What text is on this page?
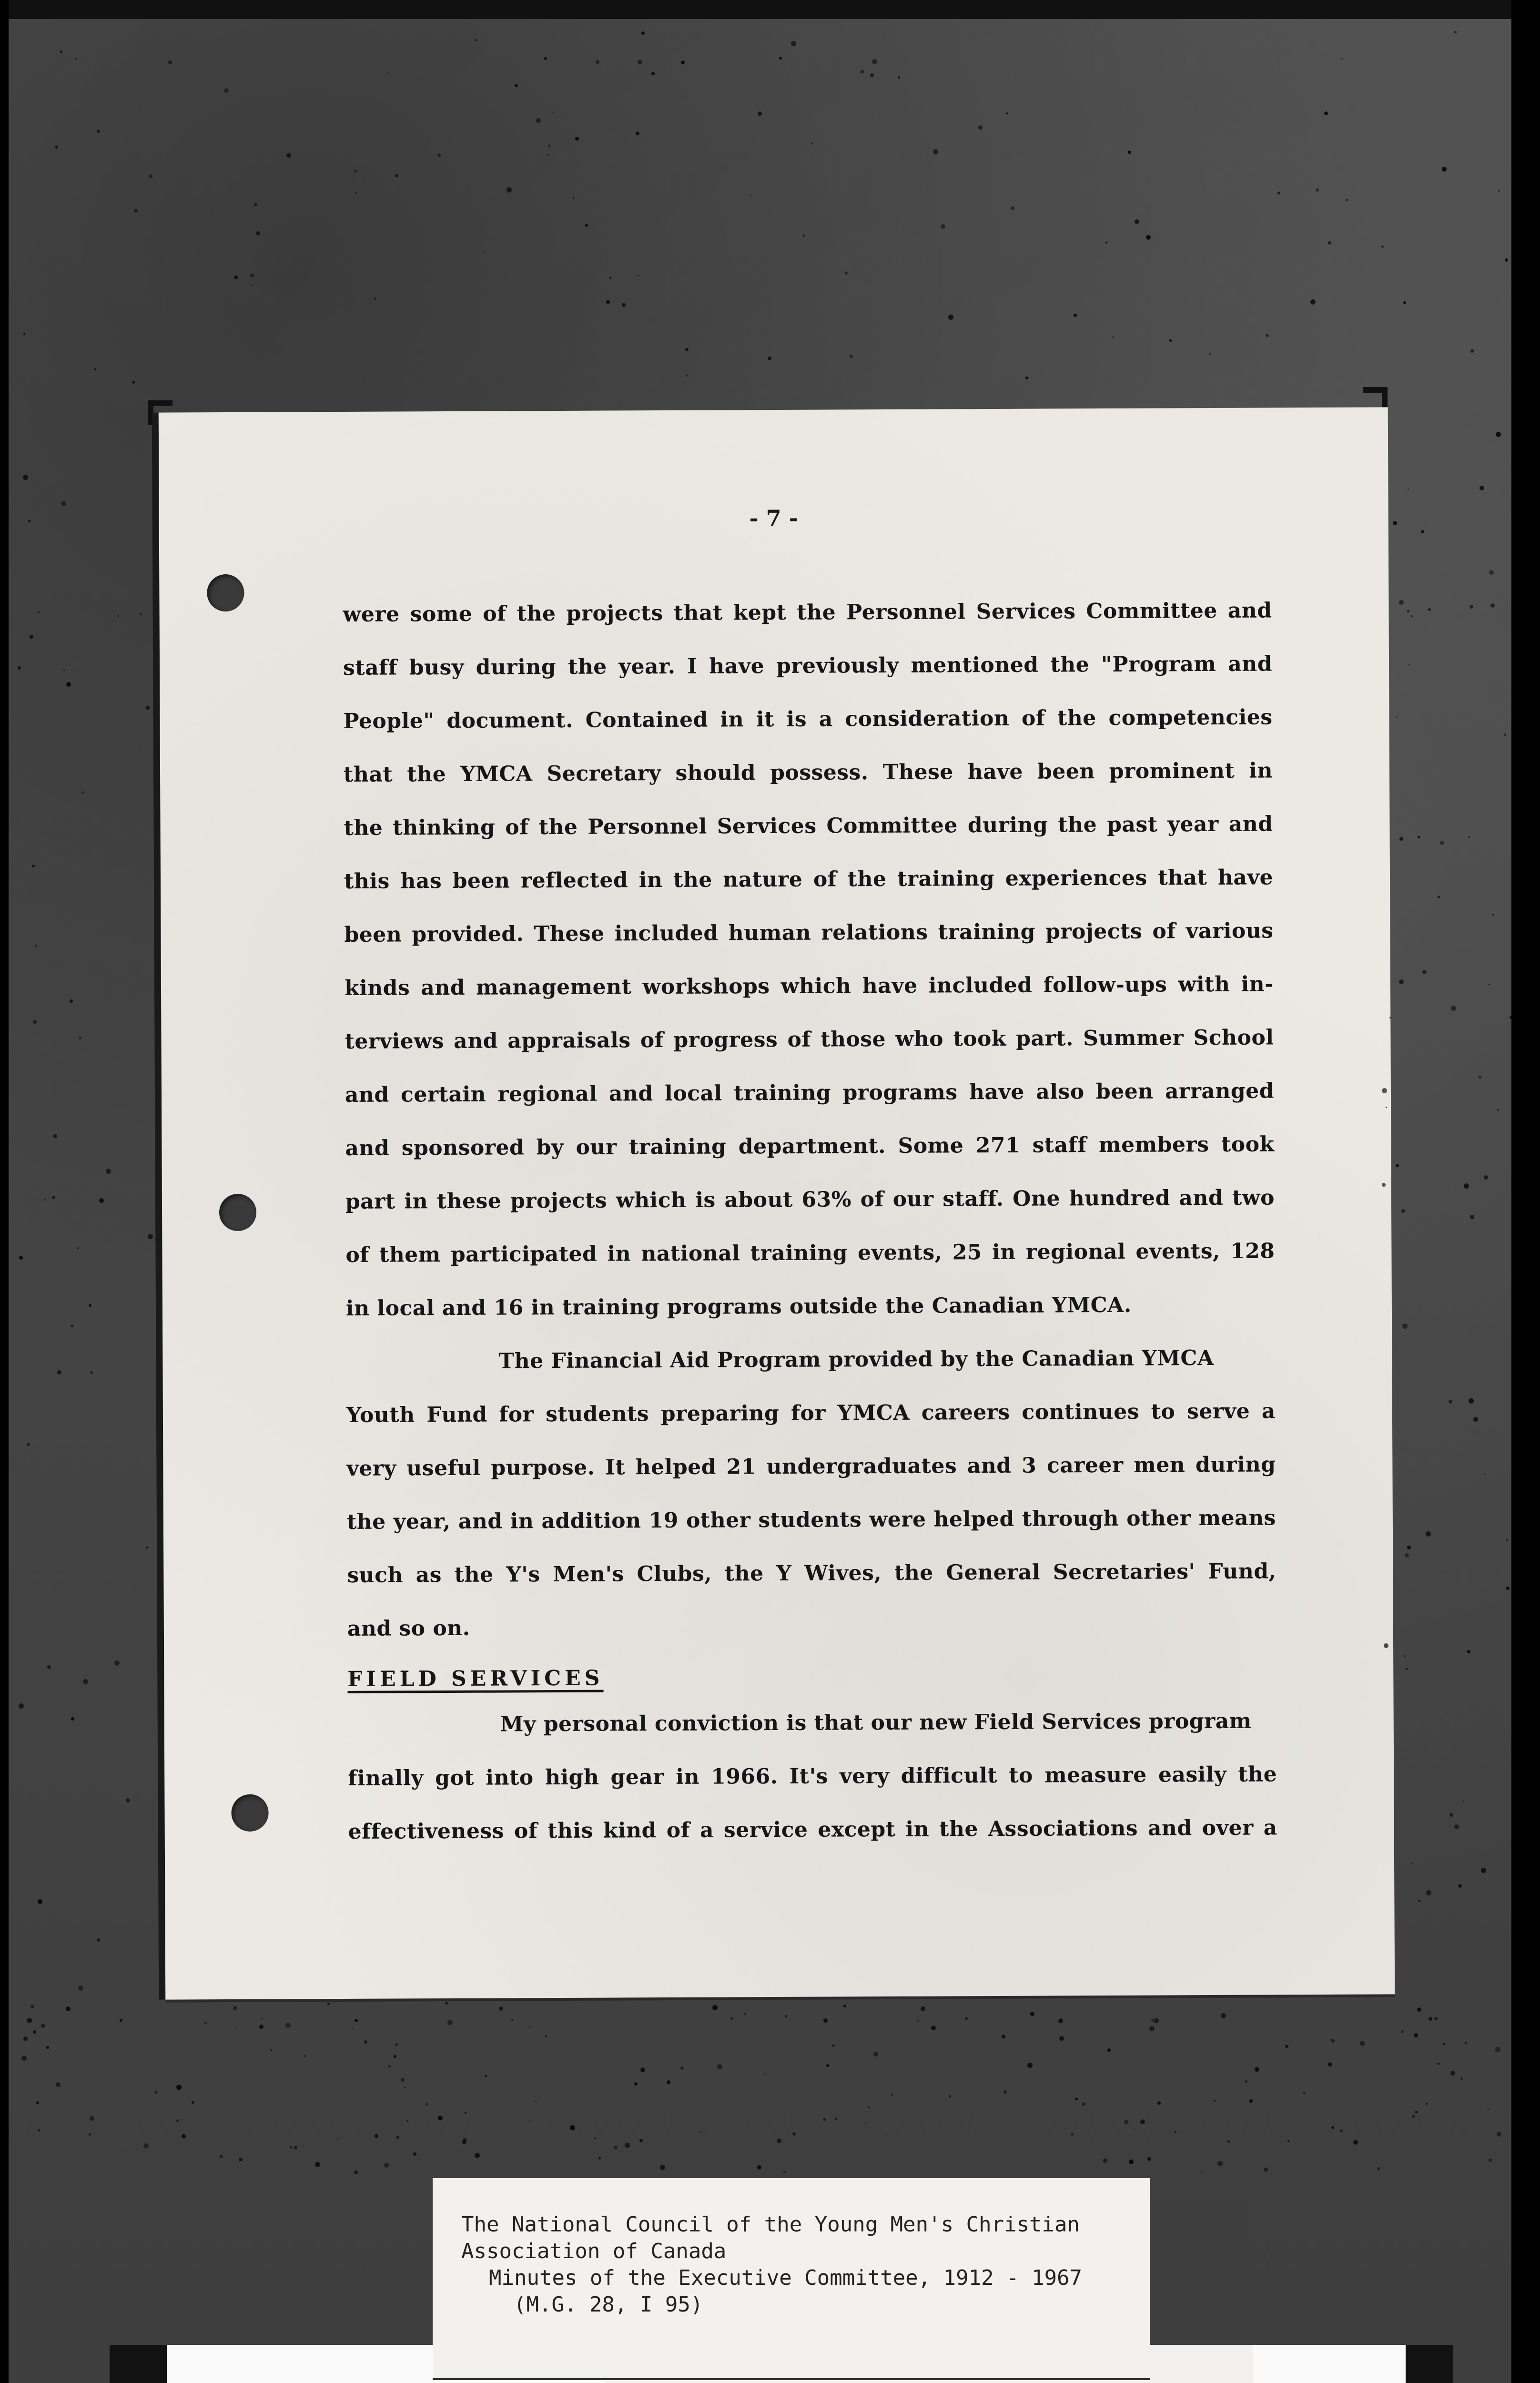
- 7 -
were some of the projects that kept the Personnel Services Committee and
staff busy during the year. I have previously mentioned the "Program and
People" document. Contained in it is a consideration of the competencies
that the YMCA Secretary should possess. These have been prominent in
the thinking of the Personnel Services Committee during the past year and
this has been reflected in the nature of the training experiences that have
been provided. These included human relations training projects of various
kinds and management workshops which have included follow-ups with in-
terviews and appraisals of progress of those who took part. Summer School
and certain regional and local training programs have also been arranged
and sponsored by our training department. Some 271 staff members took
part in these projects which is about 63% of our staff. One hundred and two
of them participated in national training events, 25 in regional events, 128
in local and 16 in training programs outside the Canadian YMCA.
The Financial Aid Program provided by the Canadian YMCA
Youth Fund for students preparing for YMCA careers continues to serve a
very useful purpose. It helped 21 undergraduates and 3 career men during
the year, and in addition 19 other students were helped through other means
such as the Y's Men's Clubs, the Y Wives, the General Secretaries' Fund,
and so on.
FIELD SERVICES
My personal conviction is that our new Field Services program
finally got into high gear in 1966. It's very difficult to measure easily the
effectiveness of this kind of a service except in the Associations and over a
The National Council of the Young Men's Christian
Association of Canada
Minutes of the Executive Committee, 1912 - 1967
(M.G. 28, I 95)
